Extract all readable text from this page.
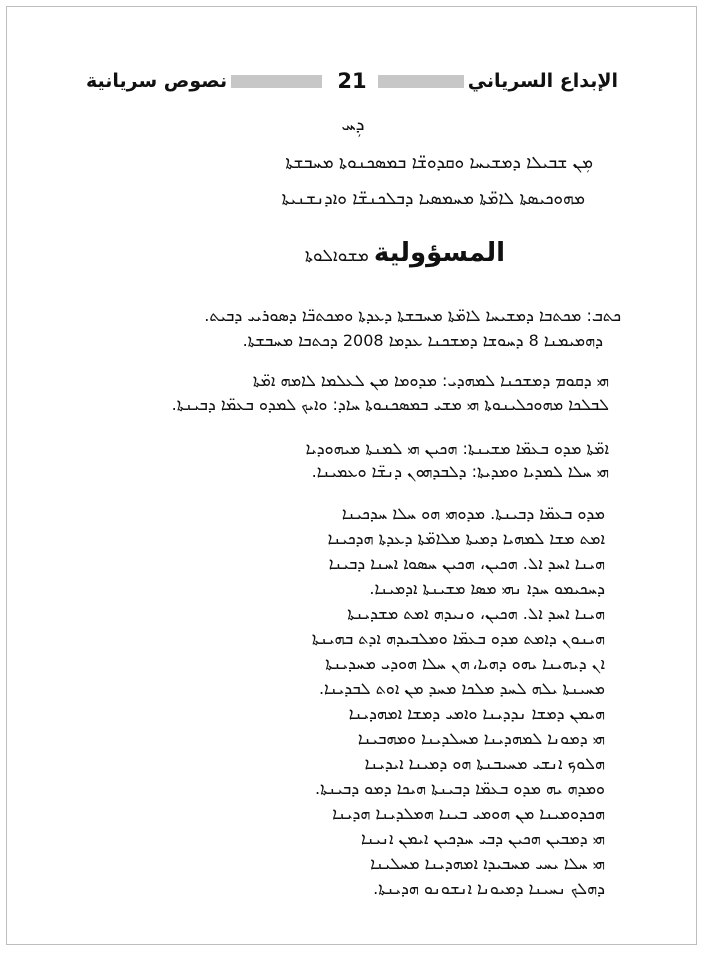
نصوص سريانية	21	الإبداع السرياني
ܕܼܚ
ܡܼܢ ܫܒܝܠܐ ܕܡܫܝܚܐ ܘܩܕܘܫ̈ܐ ܒܡܣܟܢܘܬܐ ܡܚܒܫܬܐ
ܡܗܘܟܝܣܬܐ ܠܐܡ̈ܬܐ ܡܚܡܣܝܐ ܕܒܠܟܢܫ̈ܐ ܘܐܕܢܫܢܝܬܐ
المسؤولية ܡܫܘܐܠܘܬܐ
ܟܬܒ: ܡܟܬܒܐ ܕܡܫܝܚܐ ܠܐܡ̈ܬܐ ܡܚܒܫܬܐ ܕܥܕܬܐ ܘܡܟܬܒ̈ܐ ܕܣܘܪܝܝ ܕܒܝܬ.
ܕܗܡܝܡܢܐ 8 ܕܚܘܫܐ ܕܡܫܟܢܐ ܥܕܡܐ 2008 ܕܟܬܒܐ ܡܚܒܫܬܐ.
ܗܝ ܕܩܘܡ ܕܡܫܟܢܐ ܠܡܗܕܝ: ܡܕܘܡܐ ܡܢ ܠܥܠܡܐ ܠܐܡܗ ܐܡ̈ܬܐ
ܠܒܠܟܐ ܡܗܘܟܠܝܢܘܬܐ ܗܝ ܡܫܝ ܒܡܣܟܢܘܬܐ ܚܐܕ: ܘܐܝܟ ܠܡܕܘ ܒܥܡ̈ܐ ܕܒܝܢܬܐ.
ܐܡ̈ܬܐ ܡܕܘ ܒܥܡ̈ܐ ܡܫܝܢܬܐ: ܗܟܝܢ ܗܝ ܠܡܢܬܐ ܡܝܗܘܕܝܐ
ܗܝ ܚܠܐ ܠܡܕܝܐ ܘܡܕܝܬܐ: ܕܠܒܕܗܘܢ ܕܢܫ̈ܐ ܘܥܡܝܢܐ.
ܡܕܘ ܒܥܡ̈ܐ ܕܒܝܢܬܐ. ܡܕܘܗܝ ܗܘ ܚܠܐ ܚܕܟܝܢܐ
ܐܡܬ ܡܫܐ ܠܡܗܝܐ ܕܡܝܬܐ ܡܠܐܡ̈ܬܐ ܕܥܕܬܐ ܗܕܟܝܢܐ
ܗܝܢܐ ܐܚܕ ܐܠ. ܗܟܝܢ، ܗܟܝܢ ܚܣܘܐ ܐܚܢܐ ܕܒܝܢܐ
ܕܚܟܝܡܘ ܚܕܐ ܢܗܝ ܡܣܐ ܡܫܝܢܬܐ ܐܕܡܝܢܐ.
ܗܝܢܐ ܐܚܕ ܐܠ. ܗܟܝܢ، ܘܢܝܕܗ ܐܡܬ ܡܫܕܝܢܬܐ
ܗܝܢܘܢ ܕܐܡܬ ܡܕܘ ܒܥܡ̈ܐ ܘܡܠܒܝܕܗ ܐܕܬ ܒܗܝܢܬܐ
ܐܢ ܕܝܗܝܢܐ ܝܗܘ ܕܗܝܐ، ܗܢ ܚܠܐ ܗܘܕܝ ܡܚܕܝܢܬܐ
ܡܚܝܢܬܐ ܝܠܗ ܠܚܕ ܡܠܟܐ ܡܚܕ ܡܢ ܐܘܬ ܠܒܕܝܢܐ.
ܗܝܡܢ ܕܡܫܐ ܢܕܕܝܢܐ ܘܐܡܝ ܕܡܫܐ ܐܡܗܕܝܢܐ
ܗܝ ܕܡܘܢܐ ܠܡܗܕܝܢܐ ܡܚܠܕܝܢܐ ܘܡܗܒܝܢܐ
ܗܠܘܟ ܐܢܫܝ ܡܚܝܒܢܬܐ ܗܘ ܕܡܝܢܐ ܐܝܕܝܢܐ
ܘܡܕܗ ܝܗ ܡܕܘ ܒܥܡ̈ܐ ܕܒܝܢܬܐ ܗܝܟܐ ܕܡܘ ܕܒܝܢܬܐ.
ܗܟܕܘܡܝܢܐ ܡܢ ܗܘܡܝ ܒܝܢܐ ܗܡܠܕܝܢܐ ܗܕܝܢܐ
ܗܝ ܕܡܒܝܢ ܗܟܝܢ ܕܒܝ ܚܕܟܝܢ ܐܝܡܢ ܐܢܝܢܐ
ܗܝ ܚܠܐ ܝܚܝ ܡܚܒܝܕܐ ܐܡܗܕܝܢܐ ܡܚܠܝܢܐ
ܕܗܠܟ ܢܚܝܢܐ ܕܡܝܘܢܐ ܐܢܫܘܢܘ ܗܕܝܢܬܐ.
